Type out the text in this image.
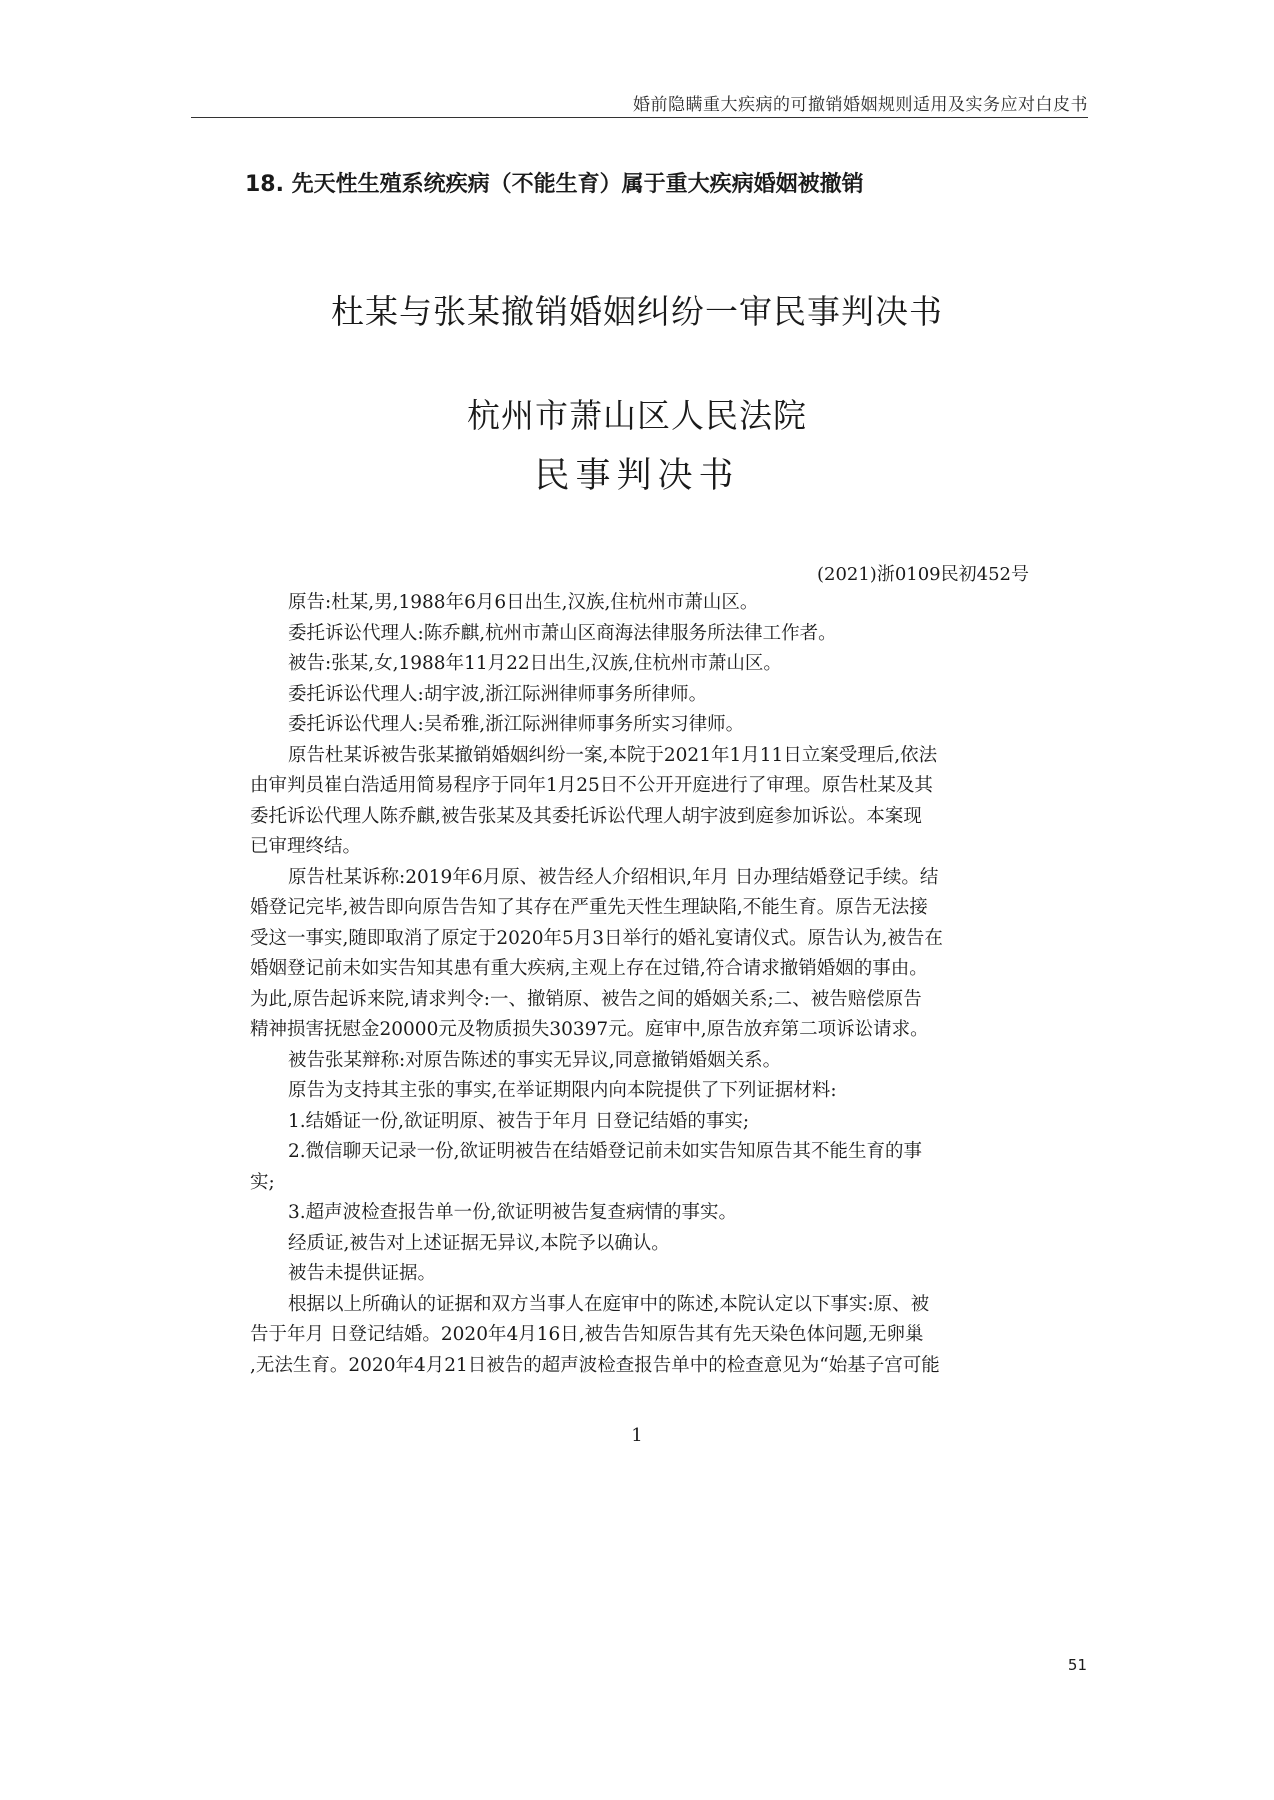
婚前隐瞒重大疾病的可撤销婚姻规则适用及实务应对白皮书
18. 先天性生殖系统疾病（不能生育）属于重大疾病婚姻被撤销
杜某与张某撤销婚姻纠纷一审民事判决书
杭州市萧山区人民法院
民事判决书
(2021)浙0109民初452号
原告:杜某,男,1988年6月6日出生,汉族,住杭州市萧山区。
委托诉讼代理人:陈乔麒,杭州市萧山区商海法律服务所法律工作者。
被告:张某,女,1988年11月22日出生,汉族,住杭州市萧山区。
委托诉讼代理人:胡宇波,浙江际洲律师事务所律师。
委托诉讼代理人:吴希雅,浙江际洲律师事务所实习律师。
原告杜某诉被告张某撤销婚姻纠纷一案,本院于2021年1月11日立案受理后,依法
由审判员崔白浩适用简易程序于同年1月25日不公开开庭进行了审理。原告杜某及其
委托诉讼代理人陈乔麒,被告张某及其委托诉讼代理人胡宇波到庭参加诉讼。本案现
已审理终结。
原告杜某诉称:2019年6月原、被告经人介绍相识,年月 日办理结婚登记手续。结
婚登记完毕,被告即向原告告知了其存在严重先天性生理缺陷,不能生育。原告无法接
受这一事实,随即取消了原定于2020年5月3日举行的婚礼宴请仪式。原告认为,被告在
婚姻登记前未如实告知其患有重大疾病,主观上存在过错,符合请求撤销婚姻的事由。
为此,原告起诉来院,请求判令:一、撤销原、被告之间的婚姻关系;二、被告赔偿原告
精神损害抚慰金20000元及物质损失30397元。庭审中,原告放弃第二项诉讼请求。
被告张某辩称:对原告陈述的事实无异议,同意撤销婚姻关系。
原告为支持其主张的事实,在举证期限内向本院提供了下列证据材料:
1.结婚证一份,欲证明原、被告于年月 日登记结婚的事实;
2.微信聊天记录一份,欲证明被告在结婚登记前未如实告知原告其不能生育的事
实;
3.超声波检查报告单一份,欲证明被告复查病情的事实。
经质证,被告对上述证据无异议,本院予以确认。
被告未提供证据。
根据以上所确认的证据和双方当事人在庭审中的陈述,本院认定以下事实:原、被
告于年月 日登记结婚。2020年4月16日,被告告知原告其有先天染色体问题,无卵巢
,无法生育。2020年4月21日被告的超声波检查报告单中的检查意见为“始基子宫可能
1
51
